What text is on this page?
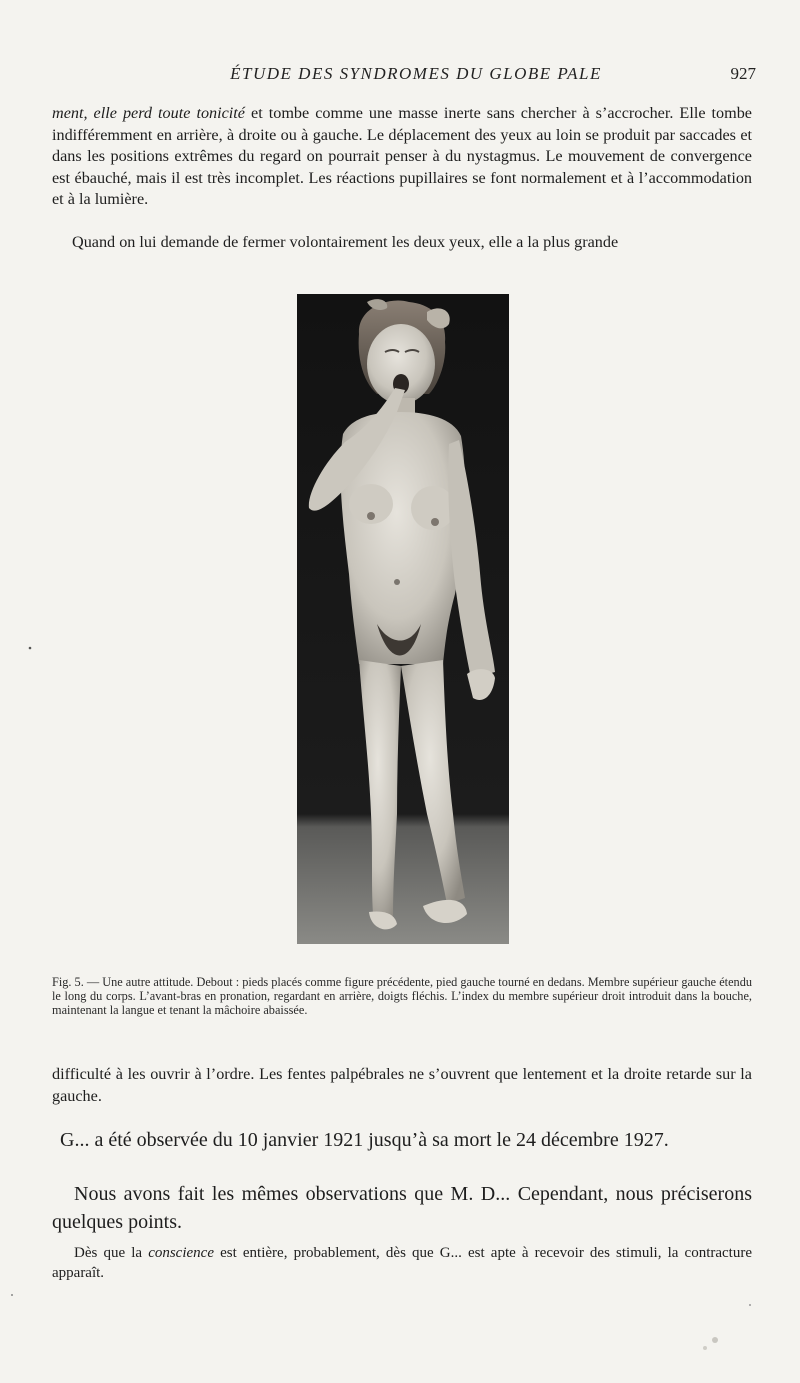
ÉTUDE DES SYNDROMES DU GLOBE PALE	927

ment, elle perd toute tonicité et tombe comme une masse inerte sans chercher à s’accrocher. Elle tombe indifféremment en arrière, à droite ou à gauche. Le déplacement des yeux au loin se produit par saccades et dans les positions extrêmes du regard on pourrait penser à du nystagmus. Le mouvement de convergence est ébauché, mais il est très incomplet. Les réactions pupillaires se font normalement et à l’accommodation et à la lumière.

Quand on lui demande de fermer volontairement les deux yeux, elle a la plus grande

Fig. 5. — Une autre attitude. Debout : pieds placés comme figure précédente, pied gauche tourné en dedans. Membre supérieur gauche étendu le long du corps. L’avant-bras en pronation, regardant en arrière, doigts fléchis. L’index du membre supérieur droit introduit dans la bouche, maintenant la langue et tenant la mâchoire abaissée.

difficulté à les ouvrir à l’ordre. Les fentes palpébrales ne s’ouvrent que lentement et la droite retarde sur la gauche.

G... a été observée du 10 janvier 1921 jusqu’à sa mort le 24 décembre 1927.

Nous avons fait les mêmes observations que M. D... Cependant, nous préciserons quelques points.

Dès que la conscience est entière, probablement, dès que G... est apte à recevoir des stimuli, la contracture apparaît.
